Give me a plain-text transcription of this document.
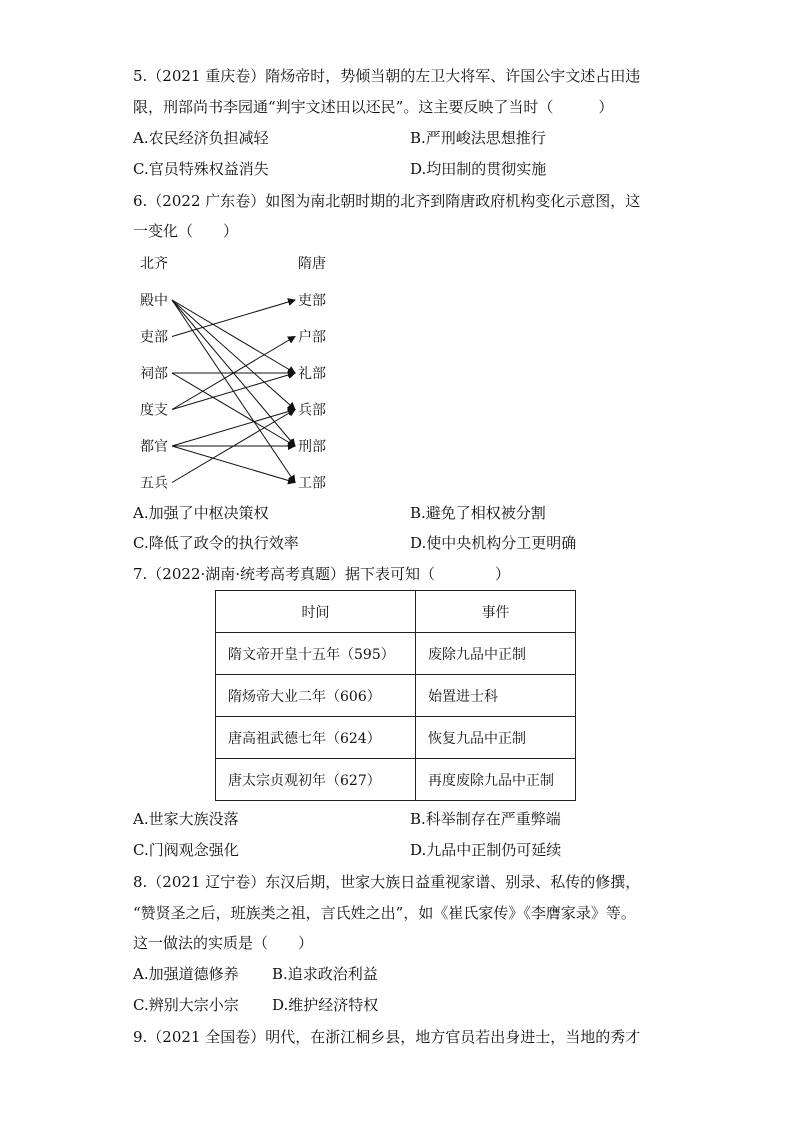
5.（2021 重庆卷）隋炀帝时，势倾当朝的左卫大将军、许国公宇文述占田违
限，刑部尚书李园通“判宇文述田以还民”。这主要反映了当时（　　　）
A.农民经济负担减轻	B.严刑峻法思想推行
C.官员特殊权益消失	D.均田制的贯彻实施
6.（2022 广东卷）如图为南北朝时期的北齐到隋唐政府机构变化示意图，这
一变化（　　）
北齐	隋唐
殿中
吏部
祠部
度支
都官
五兵
吏部
户部
礼部
兵部
刑部
工部
A.加强了中枢决策权	B.避免了相权被分割
C.降低了政令的执行效率	D.使中央机构分工更明确
7.（2022·湖南·统考高考真题）据下表可知（　　　　）
时间	事件
隋文帝开皇十五年（595）	废除九品中正制
隋炀帝大业二年（606）	始置进士科
唐高祖武德七年（624）	恢复九品中正制
唐太宗贞观初年（627）	再度废除九品中正制
A.世家大族没落	B.科举制存在严重弊端
C.门阀观念强化	D.九品中正制仍可延续
8.（2021 辽宁卷）东汉后期，世家大族日益重视家谱、别录、私传的修撰，
“赞贤圣之后，班族类之祖，言氏姓之出”，如《崔氏家传》《李膺家录》等。
这一做法的实质是（　　）
A.加强道德修养 B.追求政治利益
C.辨别大宗小宗 D.维护经济特权
9.（2021 全国卷）明代，在浙江桐乡县，地方官员若出身进士，当地的秀才
